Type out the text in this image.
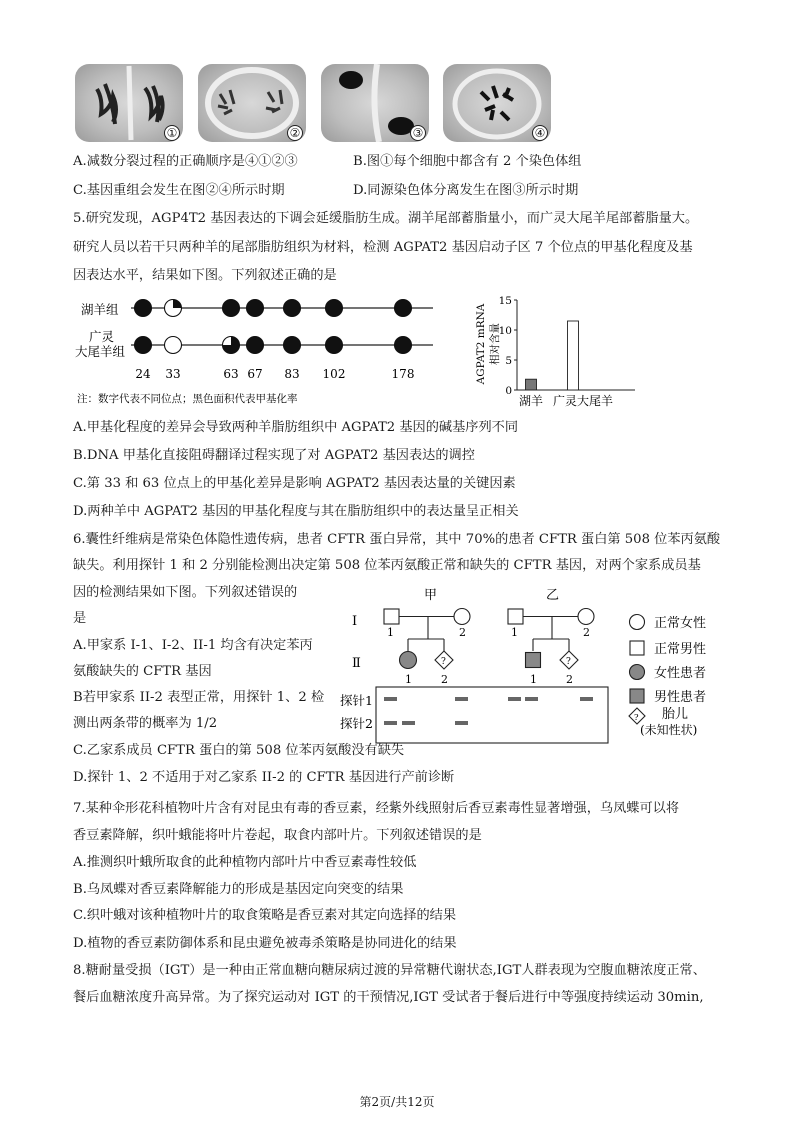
①	②	③	④
A.减数分裂过程的正确顺序是④①②③	B.图①每个细胞中都含有 2 个染色体组
C.基因重组会发生在图②④所示时期	D.同源染色体分离发生在图③所示时期
5.研究发现，AGP4T2 基因表达的下调会延缓脂肪生成。湖羊尾部蓄脂量小，而广灵大尾羊尾部蓄脂量大。
研究人员以若干只两种羊的尾部脂肪组织为材料，检测 AGPAT2 基因启动子区 7 个位点的甲基化程度及基
因表达水平，结果如下图。下列叙述正确的是
湖羊组
广灵
大尾羊组
24 33	63 67 83 102	178
注：数字代表不同位点；黑色面积代表甲基化率
AGPAT2 mRNA 相对含量
0
5
10
15
湖羊 广灵大尾羊
A.甲基化程度的差异会导致两种羊脂肪组织中 AGPAT2 基因的碱基序列不同
B.DNA 甲基化直接阻碍翻译过程实现了对 AGPAT2 基因表达的调控
C.第 33 和 63 位点上的甲基化差异是影响 AGPAT2 基因表达量的关键因素
D.两种羊中 AGPAT2 基因的甲基化程度与其在脂肪组织中的表达量呈正相关
6.囊性纤维病是常染色体隐性遗传病，患者 CFTR 蛋白异常，其中 70%的患者 CFTR 蛋白第 508 位苯丙氨酸
缺失。利用探针 1 和 2 分别能检测出决定第 508 位苯丙氨酸正常和缺失的 CFTR 基因，对两个家系成员基
因的检测结果如下图。下列叙述错误的
是
A.甲家系 I-1、I-2、II-1 均含有决定苯丙
氨酸缺失的 CFTR 基因
B若甲家系 II-2 表型正常，用探针 1、2 检
测出两条带的概率为 1/2
C.乙家系成员 CFTR 蛋白的第 508 位苯丙氨酸没有缺失
D.探针 1、2 不适用于对乙家系 II-2 的 CFTR 基因进行产前诊断
甲	乙
Ⅰ
Ⅱ	?
1	2
1	2
?
1	2
1	2
探针1
探针2
正常女性
正常男性
女性患者
男性患者
? 胎儿
(未知性状)
7.某种伞形花科植物叶片含有对昆虫有毒的香豆素，经紫外线照射后香豆素毒性显著增强，乌凤蝶可以将
香豆素降解，织叶蛾能将叶片卷起，取食内部叶片。下列叙述错误的是
A.推测织叶蛾所取食的此种植物内部叶片中香豆素毒性较低
B.乌凤蝶对香豆素降解能力的形成是基因定向突变的结果
C.织叶蛾对该种植物叶片的取食策略是香豆素对其定向选择的结果
D.植物的香豆素防御体系和昆虫避免被毒杀策略是协同进化的结果
8.糖耐量受损（IGT）是一种由正常血糖向糖尿病过渡的异常糖代谢状态,IGT人群表现为空腹血糖浓度正常、
餐后血糖浓度升高异常。为了探究运动对 IGT 的干预情况,IGT 受试者于餐后进行中等强度持续运动 30min,
第2页/共12页
